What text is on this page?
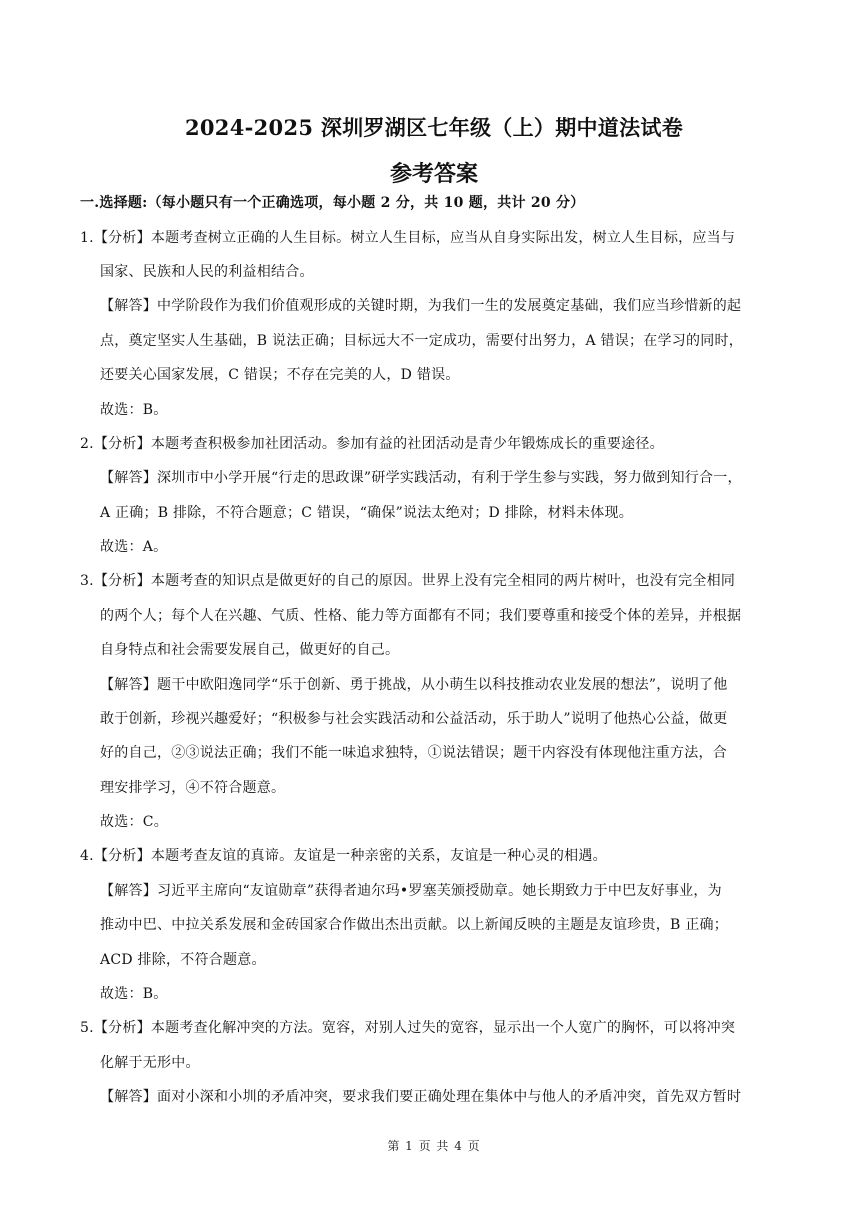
2024-2025 深圳罗湖区七年级（上）期中道法试卷
参考答案

一.选择题:（每小题只有一个正确选项，每小题 2 分，共 10 题，共计 20 分）

1.【分析】本题考查树立正确的人生目标。树立人生目标，应当从自身实际出发，树立人生目标，应当与

国家、民族和人民的利益相结合。

【解答】中学阶段作为我们价值观形成的关键时期，为我们一生的发展奠定基础，我们应当珍惜新的起

点，奠定坚实人生基础，B 说法正确；目标远大不一定成功，需要付出努力，A 错误；在学习的同时，

还要关心国家发展，C 错误；不存在完美的人，D 错误。

故选：B。

2.【分析】本题考查积极参加社团活动。参加有益的社团活动是青少年锻炼成长的重要途径。

【解答】深圳市中小学开展“行走的思政课”研学实践活动，有利于学生参与实践，努力做到知行合一，

A 正确；B 排除，不符合题意；C 错误，“确保”说法太绝对；D 排除，材料未体现。

故选：A。

3.【分析】本题考查的知识点是做更好的自己的原因。世界上没有完全相同的两片树叶，也没有完全相同

的两个人；每个人在兴趣、气质、性格、能力等方面都有不同；我们要尊重和接受个体的差异，并根据

自身特点和社会需要发展自己，做更好的自己。

【解答】题干中欧阳逸同学“乐于创新、勇于挑战，从小萌生以科技推动农业发展的想法”，说明了他

敢于创新，珍视兴趣爱好；“积极参与社会实践活动和公益活动，乐于助人”说明了他热心公益，做更

好的自己，②③说法正确；我们不能一味追求独特，①说法错误；题干内容没有体现他注重方法，合

理安排学习，④不符合题意。

故选：C。

4.【分析】本题考查友谊的真谛。友谊是一种亲密的关系，友谊是一种心灵的相遇。

【解答】习近平主席向“友谊勋章”获得者迪尔玛•罗塞芙颁授勋章。她长期致力于中巴友好事业，为

推动中巴、中拉关系发展和金砖国家合作做出杰出贡献。以上新闻反映的主题是友谊珍贵，B 正确；

ACD 排除，不符合题意。

故选：B。

5.【分析】本题考查化解冲突的方法。宽容，对别人过失的宽容，显示出一个人宽广的胸怀，可以将冲突

化解于无形中。

【解答】面对小深和小圳的矛盾冲突，要求我们要正确处理在集体中与他人的矛盾冲突，首先双方暂时

第 1 页 共 4 页
